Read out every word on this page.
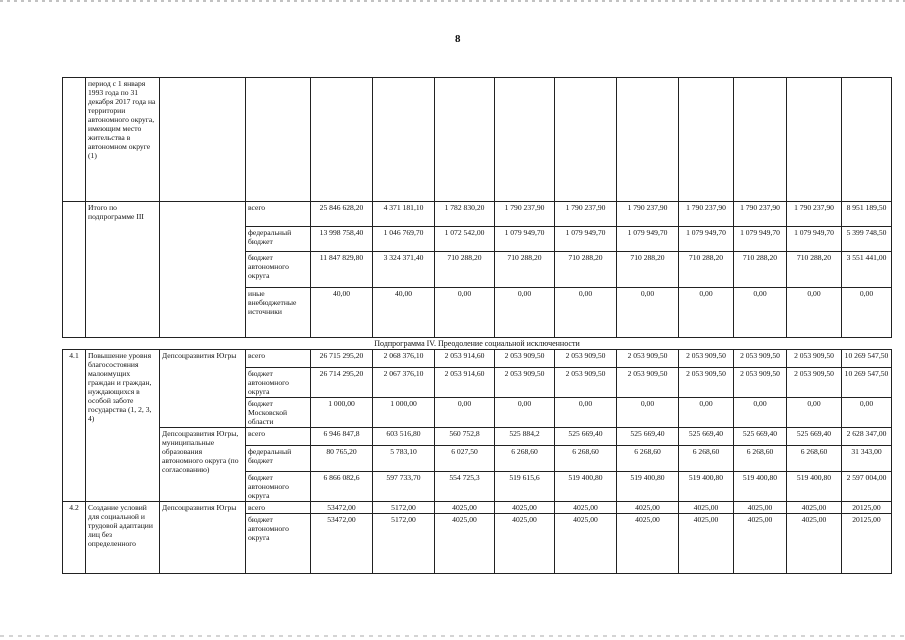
8
	период с 1 января 1993 года по 31 декабря 2017 года на территории автономного округа, имеющим место жительства в автономном округе (1)												
	Итого по подпрограмме III		всего	25 846 628,20	4 371 181,10	1 782 830,20	1 790 237,90	1 790 237,90	1 790 237,90	1 790 237,90	1 790 237,90	1 790 237,90	8 951 189,50
			федеральный бюджет	13 998 758,40	1 046 769,70	1 072 542,00	1 079 949,70	1 079 949,70	1 079 949,70	1 079 949,70	1 079 949,70	1 079 949,70	5 399 748,50
			бюджет автономного округа	11 847 829,80	3 324 371,40	710 288,20	710 288,20	710 288,20	710 288,20	710 288,20	710 288,20	710 288,20	3 551 441,00
			иные внебюджетные источники	40,00	40,00	0,00	0,00	0,00	0,00	0,00	0,00	0,00	0,00
Подпрограмма IV. Преодоление социальной исключенности													
4.1	Повышение уровня благосостояния малоимущих граждан и граждан, нуждающихся в особой заботе государства (1, 2, 3, 4)	Депсоцразвития Югры	всего	26 715 295,20	2 068 376,10	2 053 914,60	2 053 909,50	2 053 909,50	2 053 909,50	2 053 909,50	2 053 909,50	2 053 909,50	10 269 547,50
			бюджет автономного округа	26 714 295,20	2 067 376,10	2 053 914,60	2 053 909,50	2 053 909,50	2 053 909,50	2 053 909,50	2 053 909,50	2 053 909,50	10 269 547,50
			бюджет Московской области	1 000,00	1 000,00	0,00	0,00	0,00	0,00	0,00	0,00	0,00	0,00
		Депсоцразвития Югры, муниципальные образования автономного округа (по согласованию)	всего	6 946 847,8	603 516,80	560 752,8	525 884,2	525 669,40	525 669,40	525 669,40	525 669,40	525 669,40	2 628 347,00
			федеральный бюджет	80 765,20	5 783,10	6 027,50	6 268,60	6 268,60	6 268,60	6 268,60	6 268,60	6 268,60	31 343,00
			бюджет автономного округа	6 866 082,6	597 733,70	554 725,3	519 615,6	519 400,80	519 400,80	519 400,80	519 400,80	519 400,80	2 597 004,00
4.2	Создание условий для социальной и трудовой адаптации лиц без определенного	Депсоцразвития Югры	всего	53472,00	5172,00	4025,00	4025,00	4025,00	4025,00	4025,00	4025,00	4025,00	20125,00
			бюджет автономного округа	53472,00	5172,00	4025,00	4025,00	4025,00	4025,00	4025,00	4025,00	4025,00	20125,00
